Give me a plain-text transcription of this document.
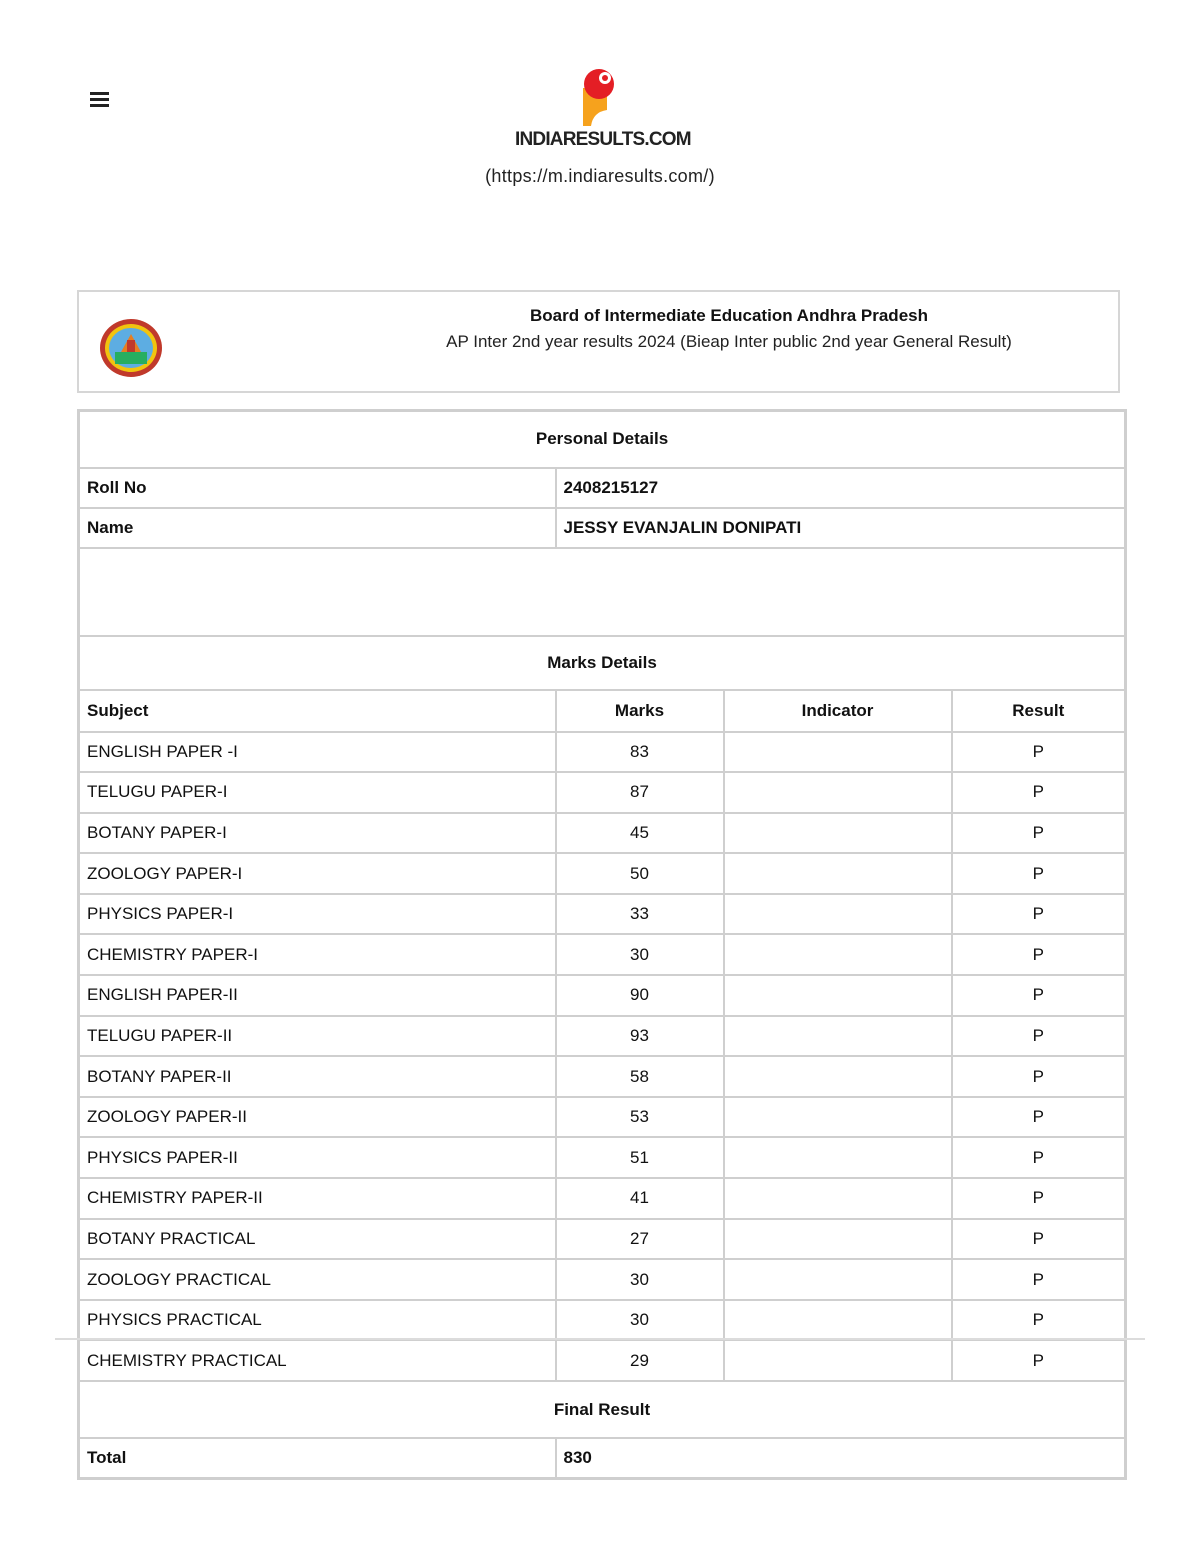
INDIARESULTS.COM
(https://m.indiaresults.com/)
Board of Intermediate Education Andhra Pradesh
AP Inter 2nd year results 2024 (Bieap Inter public 2nd year General Result)
Personal Details			
Roll No	2408215127		
Name	JESSY EVANJALIN DONIPATI		

Marks Details			
Subject	Marks	Indicator	Result
ENGLISH PAPER -I	83		P
TELUGU PAPER-I	87		P
BOTANY PAPER-I	45		P
ZOOLOGY PAPER-I	50		P
PHYSICS PAPER-I	33		P
CHEMISTRY PAPER-I	30		P
ENGLISH PAPER-II	90		P
TELUGU PAPER-II	93		P
BOTANY PAPER-II	58		P
ZOOLOGY PAPER-II	53		P
PHYSICS PAPER-II	51		P
CHEMISTRY PAPER-II	41		P
BOTANY PRACTICAL	27		P
ZOOLOGY PRACTICAL	30		P
PHYSICS PRACTICAL	30		P
CHEMISTRY PRACTICAL	29		P
Final Result			
Total	830		
